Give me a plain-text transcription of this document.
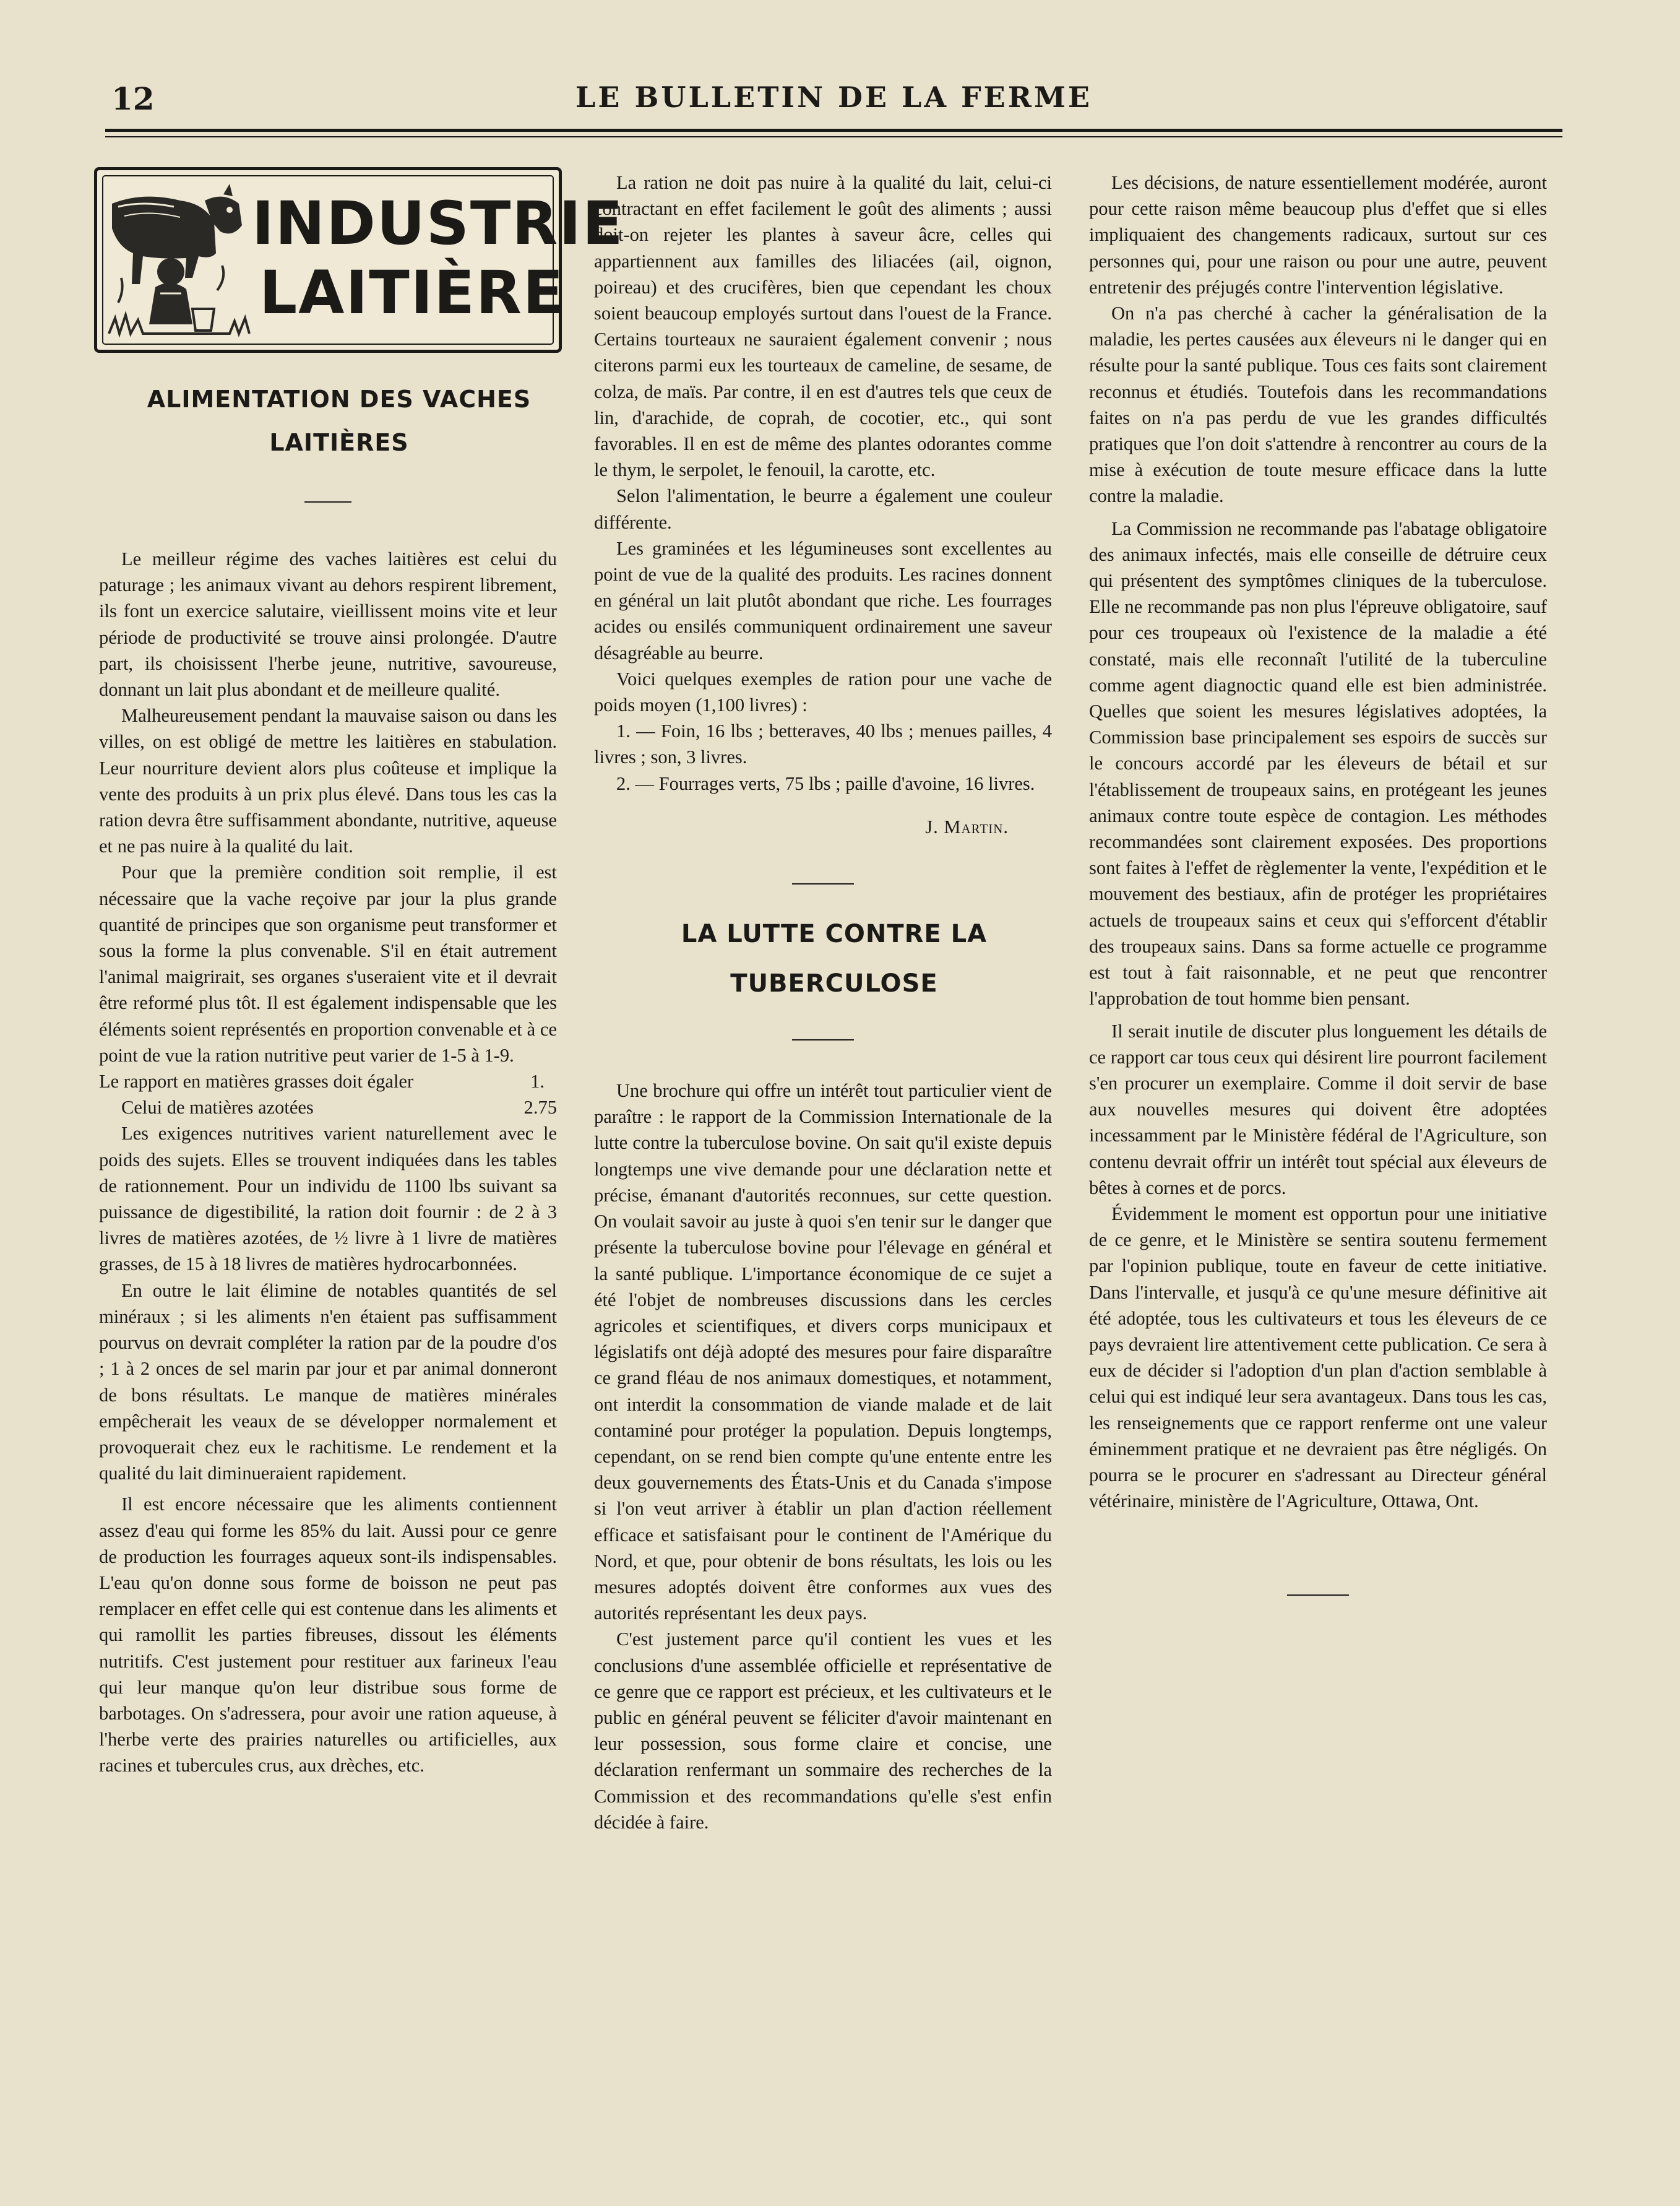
12	LE BULLETIN DE LA FERME
INDUSTRIE
LAITIÈRE

ALIMENTATION DES VACHES

LAITIÈRES

Le meilleur régime des vaches laitières est celui du paturage ; les animaux vivant au dehors respirent librement, ils font un exercice salutaire, vieillissent moins vite et leur période de productivité se trouve ainsi prolongée. D'autre part, ils choisissent l'herbe jeune, nutritive, savoureuse, donnant un lait plus abondant et de meilleure qualité.

Malheureusement pendant la mauvaise saison ou dans les villes, on est obligé de mettre les laitières en stabulation. Leur nourriture devient alors plus coûteuse et implique la vente des produits à un prix plus élevé. Dans tous les cas la ration devra être suffisamment abondante, nutritive, aqueuse et ne pas nuire à la qualité du lait.

Pour que la première condition soit remplie, il est nécessaire que la vache reçoive par jour la plus grande quantité de principes que son organisme peut transformer et sous la forme la plus convenable. S'il en était autrement l'animal maigrirait, ses organes s'useraient vite et il devrait être reformé plus tôt. Il est également indispensable que les éléments soient représentés en proportion convenable et à ce point de vue la ration nutritive peut varier de 1-5 à 1-9.

Le rapport en matières grasses doit égaler	1.
Celui de matières azotées	2.75

Les exigences nutritives varient naturellement avec le poids des sujets. Elles se trouvent indiquées dans les tables de rationnement. Pour un individu de 1100 lbs suivant sa puissance de digestibilité, la ration doit fournir : de 2 à 3 livres de matières azotées, de ½ livre à 1 livre de matières grasses, de 15 à 18 livres de matières hydrocarbonnées.

En outre le lait élimine de notables quantités de sel minéraux ; si les aliments n'en étaient pas suffisamment pourvus on devrait compléter la ration par de la poudre d'os ; 1 à 2 onces de sel marin par jour et par animal donneront de bons résultats. Le manque de matières minérales empêcherait les veaux de se développer normalement et provoquerait chez eux le rachitisme. Le rendement et la qualité du lait diminueraient rapidement.

Il est encore nécessaire que les aliments contiennent assez d'eau qui forme les 85% du lait. Aussi pour ce genre de production les fourrages aqueux sont-ils indispensables. L'eau qu'on donne sous forme de boisson ne peut pas remplacer en effet celle qui est contenue dans les aliments et qui ramollit les parties fibreuses, dissout les éléments nutritifs. C'est justement pour restituer aux farineux l'eau qui leur manque qu'on leur distribue sous forme de barbotages. On s'adressera, pour avoir une ration aqueuse, à l'herbe verte des prairies naturelles ou artificielles, aux racines et tubercules crus, aux drèches, etc.

La ration ne doit pas nuire à la qualité du lait, celui-ci contractant en effet facilement le goût des aliments ; aussi doit-on rejeter les plantes à saveur âcre, celles qui appartiennent aux familles des liliacées (ail, oignon, poireau) et des crucifères, bien que cependant les choux soient beaucoup employés surtout dans l'ouest de la France. Certains tourteaux ne sauraient également convenir ; nous citerons parmi eux les tourteaux de cameline, de sesame, de colza, de maïs. Par contre, il en est d'autres tels que ceux de lin, d'arachide, de coprah, de cocotier, etc., qui sont favorables. Il en est de même des plantes odorantes comme le thym, le serpolet, le fenouil, la carotte, etc.

Selon l'alimentation, le beurre a également une couleur différente.

Les graminées et les légumineuses sont excellentes au point de vue de la qualité des produits. Les racines donnent en général un lait plutôt abondant que riche. Les fourrages acides ou ensilés communiquent ordinairement une saveur désagréable au beurre.

Voici quelques exemples de ration pour une vache de poids moyen (1,100 livres) :

1. — Foin, 16 lbs ; betteraves, 40 lbs ; menues pailles, 4 livres ; son, 3 livres.

2. — Fourrages verts, 75 lbs ; paille d'avoine, 16 livres.

J. Martin.

LA LUTTE CONTRE LA

TUBERCULOSE

Une brochure qui offre un intérêt tout particulier vient de paraître : le rapport de la Commission Internationale de la lutte contre la tuberculose bovine. On sait qu'il existe depuis longtemps une vive demande pour une déclaration nette et précise, émanant d'autorités reconnues, sur cette question. On voulait savoir au juste à quoi s'en tenir sur le danger que présente la tuberculose bovine pour l'élevage en général et la santé publique. L'importance économique de ce sujet a été l'objet de nombreuses discussions dans les cercles agricoles et scientifiques, et divers corps municipaux et législatifs ont déjà adopté des mesures pour faire disparaître ce grand fléau de nos animaux domestiques, et notamment, ont interdit la consommation de viande malade et de lait contaminé pour protéger la population. Depuis longtemps, cependant, on se rend bien compte qu'une entente entre les deux gouvernements des États-Unis et du Canada s'impose si l'on veut arriver à établir un plan d'action réellement efficace et satisfaisant pour le continent de l'Amérique du Nord, et que, pour obtenir de bons résultats, les lois ou les mesures adoptés doivent être conformes aux vues des autorités représentant les deux pays.

C'est justement parce qu'il contient les vues et les conclusions d'une assemblée officielle et représentative de ce genre que ce rapport est précieux, et les cultivateurs et le public en général peuvent se féliciter d'avoir maintenant en leur possession, sous forme claire et concise, une déclaration renfermant un sommaire des recherches de la Commission et des recommandations qu'elle s'est enfin décidée à faire.

Les décisions, de nature essentiellement modérée, auront pour cette raison même beaucoup plus d'effet que si elles impliquaient des changements radicaux, surtout sur ces personnes qui, pour une raison ou pour une autre, peuvent entretenir des préjugés contre l'intervention législative.

On n'a pas cherché à cacher la généralisation de la maladie, les pertes causées aux éleveurs ni le danger qui en résulte pour la santé publique. Tous ces faits sont clairement reconnus et étudiés. Toutefois dans les recommandations faites on n'a pas perdu de vue les grandes difficultés pratiques que l'on doit s'attendre à rencontrer au cours de la mise à exécution de toute mesure efficace dans la lutte contre la maladie.

La Commission ne recommande pas l'abatage obligatoire des animaux infectés, mais elle conseille de détruire ceux qui présentent des symptômes cliniques de la tuberculose. Elle ne recommande pas non plus l'épreuve obligatoire, sauf pour ces troupeaux où l'existence de la maladie a été constaté, mais elle reconnaît l'utilité de la tuberculine comme agent diagnoctic quand elle est bien administrée. Quelles que soient les mesures législatives adoptées, la Commission base principalement ses espoirs de succès sur le concours accordé par les éleveurs de bétail et sur l'établissement de troupeaux sains, en protégeant les jeunes animaux contre toute espèce de contagion. Les méthodes recommandées sont clairement exposées. Des proportions sont faites à l'effet de règlementer la vente, l'expédition et le mouvement des bestiaux, afin de protéger les propriétaires actuels de troupeaux sains et ceux qui s'efforcent d'établir des troupeaux sains. Dans sa forme actuelle ce programme est tout à fait raisonnable, et ne peut que rencontrer l'approbation de tout homme bien pensant.

Il serait inutile de discuter plus longuement les détails de ce rapport car tous ceux qui désirent lire pourront facilement s'en procurer un exemplaire. Comme il doit servir de base aux nouvelles mesures qui doivent être adoptées incessamment par le Ministère fédéral de l'Agriculture, son contenu devrait offrir un intérêt tout spécial aux éleveurs de bêtes à cornes et de porcs.

Évidemment le moment est opportun pour une initiative de ce genre, et le Ministère se sentira soutenu fermement par l'opinion publique, toute en faveur de cette initiative. Dans l'intervalle, et jusqu'à ce qu'une mesure définitive ait été adoptée, tous les cultivateurs et tous les éleveurs de ce pays devraient lire attentivement cette publication. Ce sera à eux de décider si l'adoption d'un plan d'action semblable à celui qui est indiqué leur sera avantageux. Dans tous les cas, les renseignements que ce rapport renferme ont une valeur éminemment pratique et ne devraient pas être négligés. On pourra se le procurer en s'adressant au Directeur général vétérinaire, ministère de l'Agriculture, Ottawa, Ont.
